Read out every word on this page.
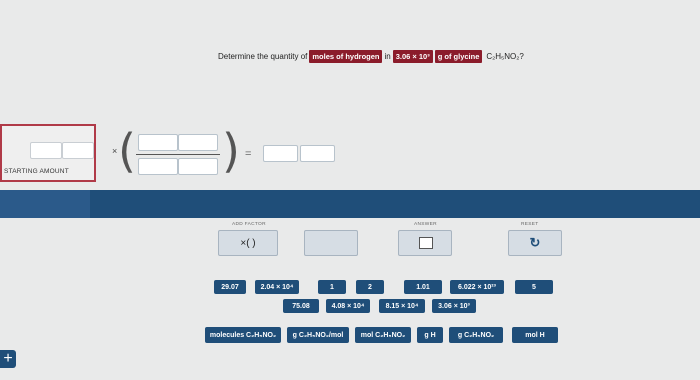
Determine the quantity of moles of hydrogen in 3.06 × 10³	g of glycine C₂H₅NO₂?
STARTING AMOUNT
× ( ) =
ADD FACTOR
×( )
ANSWER	RESET
↻
29.07	2.04 × 10⁴	1	2	1.01	6.022 × 10²³	5
75.08	4.08 × 10⁴	8.15 × 10⁴	3.06 × 10³
molecules C₂H₅NO₂	g C₂H₅NO₂/mol	mol C₂H₅NO₂	g H	g C₂H₅NO₂	mol H
+
